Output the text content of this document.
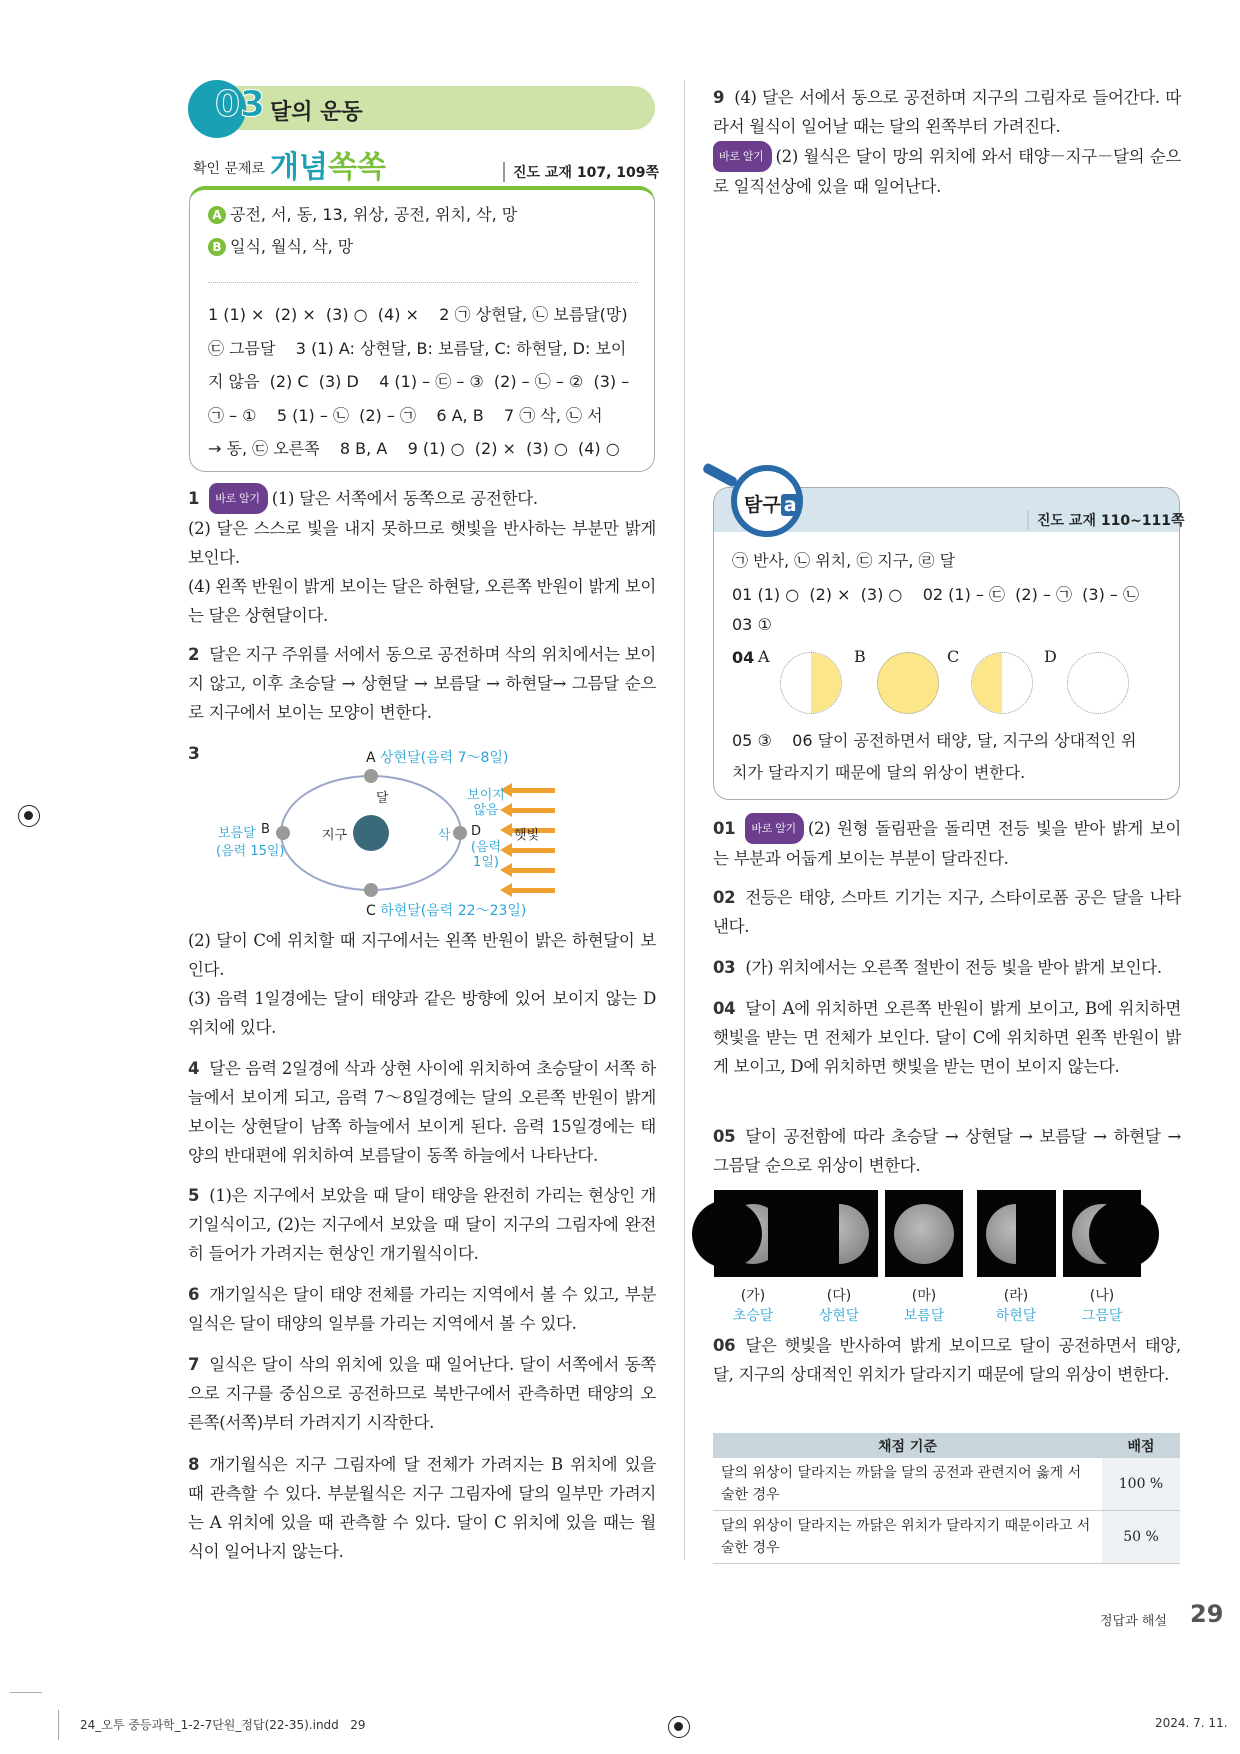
03 달의 운동
확인 문제로 개념쏙쏙	진도 교재 107, 109쪽
A 공전, 서, 동, 13, 위상, 공전, 위치, 삭, 망
B 일식, 월식, 삭, 망
1 (1) ×  (2) ×  (3) ○  (4) ×    2 ㉠ 상현달, ㉡ 보름달(망)
㉢ 그믐달    3 (1) A: 상현달, B: 보름달, C: 하현달, D: 보이
지 않음  (2) C  (3) D    4 (1) – ㉢ – ③  (2) – ㉡ – ②  (3) –
㉠ – ①    5 (1) – ㉡  (2) – ㉠    6 A, B    7 ㉠ 삭, ㉡ 서
→ 동, ㉢ 오른쪽    8 B, A    9 (1) ○  (2) ×  (3) ○  (4) ○
1 바로 알기 (1) 달은 서쪽에서 동쪽으로 공전한다.
(2) 달은 스스로 빛을 내지 못하므로 햇빛을 반사하는 부분만 밝게 보인다.
(4) 왼쪽 반원이 밝게 보이는 달은 하현달, 오른쪽 반원이 밝게 보이는 달은 상현달이다.
2 달은 지구 주위를 서에서 동으로 공전하며 삭의 위치에서는 보이지 않고, 이후 초승달 → 상현달 → 보름달 → 하현달→ 그믐달 순으로 지구에서 보이는 모양이 변한다.
3	A 상현달(음력 7～8일)
달
보름달 B
(음력 15일)
지구	삭 D
보이지 않음
(음력 1일)
햇빛
C 하현달(음력 22～23일)
(2) 달이 C에 위치할 때 지구에서는 왼쪽 반원이 밝은 하현달이 보인다.
(3) 음력 1일경에는 달이 태양과 같은 방향에 있어 보이지 않는 D 위치에 있다.
4 달은 음력 2일경에 삭과 상현 사이에 위치하여 초승달이 서쪽 하늘에서 보이게 되고, 음력 7～8일경에는 달의 오른쪽 반원이 밝게 보이는 상현달이 남쪽 하늘에서 보이게 된다. 음력 15일경에는 태양의 반대편에 위치하여 보름달이 동쪽 하늘에서 나타난다.
5 (1)은 지구에서 보았을 때 달이 태양을 완전히 가리는 현상인 개기일식이고, (2)는 지구에서 보았을 때 달이 지구의 그림자에 완전히 들어가 가려지는 현상인 개기월식이다.
6 개기일식은 달이 태양 전체를 가리는 지역에서 볼 수 있고, 부분일식은 달이 태양의 일부를 가리는 지역에서 볼 수 있다.
7 일식은 달이 삭의 위치에 있을 때 일어난다. 달이 서쪽에서 동쪽으로 지구를 중심으로 공전하므로 북반구에서 관측하면 태양의 오른쪽(서쪽)부터 가려지기 시작한다.
8 개기월식은 지구 그림자에 달 전체가 가려지는 B 위치에 있을 때 관측할 수 있다. 부분월식은 지구 그림자에 달의 일부만 가려지는 A 위치에 있을 때 관측할 수 있다. 달이 C 위치에 있을 때는 월식이 일어나지 않는다.
9 (4) 달은 서에서 동으로 공전하며 지구의 그림자로 들어간다. 따라서 월식이 일어날 때는 달의 왼쪽부터 가려진다.
바로 알기 (2) 월식은 달이 망의 위치에 와서 태양－지구－달의 순으로 일직선상에 있을 때 일어난다.
㉠ 반사, ㉡ 위치, ㉢ 지구, ㉣ 달
01 (1) ○  (2) ×  (3) ○    02 (1) – ㉢  (2) – ㉠  (3) – ㉡
03 ①
04 A	B	C	D
05 ③    06 달이 공전하면서 태양, 달, 지구의 상대적인 위
치가 달라지기 때문에 달의 위상이 변한다.
탐구 a
진도 교재 110~111쪽
01 바로 알기 (2) 원형 돌림판을 돌리면 전등 빛을 받아 밝게 보이는 부분과 어둡게 보이는 부분이 달라진다.
02 전등은 태양, 스마트 기기는 지구, 스타이로폼 공은 달을 나타낸다.
03 (가) 위치에서는 오른쪽 절반이 전등 빛을 받아 밝게 보인다.
04 달이 A에 위치하면 오른쪽 반원이 밝게 보이고, B에 위치하면 햇빛을 받는 면 전체가 보인다. 달이 C에 위치하면 왼쪽 반원이 밝게 보이고, D에 위치하면 햇빛을 받는 면이 보이지 않는다.
05 달이 공전함에 따라 초승달 → 상현달 → 보름달 → 하현달 → 그믐달 순으로 위상이 변한다.
(가)
초승달
(다)
상현달
(마)
보름달
(라)
하현달
(나)
그믐달
06 달은 햇빛을 반사하여 밝게 보이므로 달이 공전하면서 태양, 달, 지구의 상대적인 위치가 달라지기 때문에 달의 위상이 변한다.
채점 기준	배점
달의 위상이 달라지는 까닭을 달의 공전과 관련지어 옳게 서술한 경우	100 %
달의 위상이 달라지는 까닭은 위치가 달라지기 때문이라고 서술한 경우	50 %
정답과 해설 29
24_오투 중등과학_1-2-7단원_정답(22-35).indd   29	2024. 7. 11.
